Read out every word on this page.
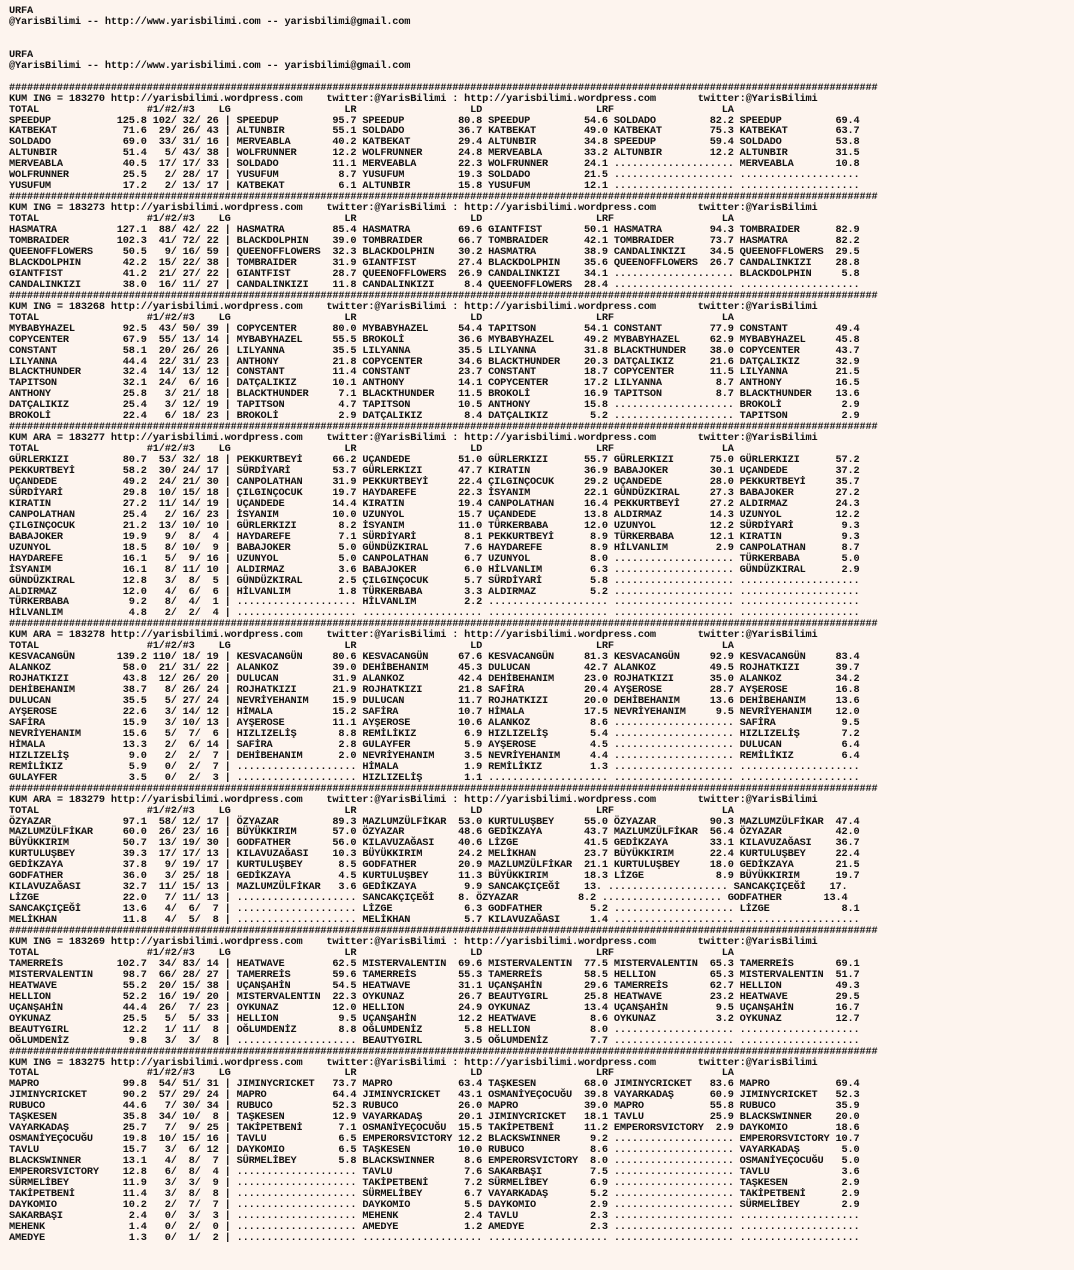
URFA
@YarisBilimi -- http://www.yarisbilimi.com -- yarisbilimi@gmail.com

URFA
@YarisBilimi -- http://www.yarisbilimi.com -- yarisbilimi@gmail.com

#################################################################################################################################################
KUM ING = 183270 http://yarisbilimi.wordpress.com    twitter:@YarisBilimi : http://yarisbilimi.wordpress.com       twitter:@YarisBilimi
TOTAL                  #1/#2/#3    LG                   LR                   LD                   LRF                  LA
SPEEDUP           125.8 102/ 32/ 26 | SPEEDUP         95.7 SPEEDUP         80.8 SPEEDUP         54.6 SOLDADO         82.2 SPEEDUP         69.4
KATBEKAT           71.6  29/ 26/ 43 | ALTUNBIR        55.1 SOLDADO         36.7 KATBEKAT        49.0 KATBEKAT        75.3 KATBEKAT        63.7
SOLDADO            69.0  33/ 31/ 16 | MERVEABLA       40.2 KATBEKAT        29.4 ALTUNBIR        34.8 SPEEDUP         59.4 SOLDADO         53.8
ALTUNBIR           51.4   5/ 43/ 38 | WOLFRUNNER      12.2 WOLFRUNNER      24.8 MERVEABLA       33.2 ALTUNBIR        12.2 ALTUNBIR        31.5
MERVEABLA          40.5  17/ 17/ 33 | SOLDADO         11.1 MERVEABLA       22.3 WOLFRUNNER      24.1 .................... MERVEABLA       10.8
WOLFRUNNER         25.5   2/ 28/ 17 | YUSUFUM          8.7 YUSUFUM         19.3 SOLDADO         21.5 .................... ....................
YUSUFUM            17.2   2/ 13/ 17 | KATBEKAT         6.1 ALTUNBIR        15.8 YUSUFUM         12.1 .................... ....................
#################################################################################################################################################
KUM ING = 183273 http://yarisbilimi.wordpress.com    twitter:@YarisBilimi : http://yarisbilimi.wordpress.com       twitter:@YarisBilimi
TOTAL                  #1/#2/#3    LG                   LR                   LD                   LRF                  LA
HASMATRA          127.1  88/ 42/ 22 | HASMATRA        85.4 HASMATRA        69.6 GIANTFIST       50.1 HASMATRA        94.3 TOMBRAIDER      82.9
TOMBRAIDER        102.3  41/ 72/ 22 | BLACKDOLPHIN    39.0 TOMBRAIDER      66.7 TOMBRAIDER      42.1 TOMBRAIDER      73.7 HASMATRA        82.2
QUEENOFFLOWERS     50.5   9/ 16/ 59 | QUEENOFFLOWERS  32.3 BLACKDOLPHIN    30.2 HASMATRA        38.9 CANDALINKIZI    34.5 QUEENOFFLOWERS  29.5
BLACKDOLPHIN       42.2  15/ 22/ 38 | TOMBRAIDER      31.9 GIANTFIST       27.4 BLACKDOLPHIN    35.6 QUEENOFFLOWERS  26.7 CANDALINKIZI    28.8
GIANTFIST          41.2  21/ 27/ 22 | GIANTFIST       28.7 QUEENOFFLOWERS  26.9 CANDALINKIZI    34.1 .................... BLACKDOLPHIN     5.8
CANDALINKIZI       38.0  16/ 11/ 27 | CANDALINKIZI    11.8 CANDALINKIZI     8.4 QUEENOFFLOWERS  28.4 .................... ....................
#################################################################################################################################################
KUM ING = 183268 http://yarisbilimi.wordpress.com    twitter:@YarisBilimi : http://yarisbilimi.wordpress.com       twitter:@YarisBilimi
TOTAL                  #1/#2/#3    LG                   LR                   LD                   LRF                  LA
MYBABYHAZEL        92.5  43/ 50/ 39 | COPYCENTER      80.0 MYBABYHAZEL     54.4 TAPITSON        54.1 CONSTANT        77.9 CONSTANT        49.4
COPYCENTER         67.9  55/ 13/ 14 | MYBABYHAZEL     55.5 BROKOLİ         36.6 MYBABYHAZEL     49.2 MYBABYHAZEL     62.9 MYBABYHAZEL     45.8
CONSTANT           58.1  20/ 26/ 26 | LILYANNA        35.5 LILYANNA        35.5 LILYANNA        31.8 BLACKTHUNDER    38.0 COPYCENTER      43.7
LILYANNA           44.4  22/ 31/ 23 | ANTHONY         21.8 COPYCENTER      34.6 BLACKTHUNDER    20.3 DATÇALIKIZ      21.6 DATÇALIKIZ      32.9
BLACKTHUNDER       32.4  14/ 13/ 12 | CONSTANT        11.4 CONSTANT        23.7 CONSTANT        18.7 COPYCENTER      11.5 LILYANNA        21.5
TAPITSON           32.1  24/  6/ 16 | DATÇALIKIZ      10.1 ANTHONY         14.1 COPYCENTER      17.2 LILYANNA         8.7 ANTHONY         16.5
ANTHONY            25.8   3/ 21/ 18 | BLACKTHUNDER     7.1 BLACKTHUNDER    11.5 BROKOLİ         16.9 TAPITSON         8.7 BLACKTHUNDER    13.6
DATÇALIKIZ         25.4   3/ 12/ 19 | TAPITSON         4.7 TAPITSON        10.5 ANTHONY         15.8 .................... BROKOLİ          2.9
BROKOLİ            22.4   6/ 18/ 23 | BROKOLİ          2.9 DATÇALIKIZ       8.4 DATÇALIKIZ       5.2 .................... TAPITSON         2.9
#################################################################################################################################################
KUM ARA = 183277 http://yarisbilimi.wordpress.com    twitter:@YarisBilimi : http://yarisbilimi.wordpress.com       twitter:@YarisBilimi
TOTAL                  #1/#2/#3    LG                   LR                   LD                   LRF                  LA
GÜRLERKIZI         80.7  53/ 32/ 18 | PEKKURTBEYİ     66.2 UÇANDEDE        51.0 GÜRLERKIZI      55.7 GÜRLERKIZI      75.0 GÜRLERKIZI      57.2
PEKKURTBEYİ        58.2  30/ 24/ 17 | SÜRDİYARİ       53.7 GÜRLERKIZI      47.7 KIRATIN         36.9 BABAJOKER       30.1 UÇANDEDE        37.2
UÇANDEDE           49.2  24/ 21/ 30 | CANPOLATHAN     31.9 PEKKURTBEYİ     22.4 ÇILGINÇOCUK     29.2 UÇANDEDE        28.0 PEKKURTBEYİ     35.7
SÜRDİYARİ          29.8  10/ 15/ 18 | ÇILGINÇOCUK     19.7 HAYDAREFE       22.3 İSYANIM         22.1 GÜNDÜZKIRAL     27.3 BABAJOKER       27.2
KIRATIN            27.2  11/ 14/ 19 | UÇANDEDE        14.4 KIRATIN         19.4 CANPOLATHAN     16.4 PEKKURTBEYİ     27.2 ALDIRMAZ        24.3
CANPOLATHAN        25.4   2/ 16/ 23 | İSYANIM         10.0 UZUNYOL         15.7 UÇANDEDE        13.8 ALDIRMAZ        14.3 UZUNYOL         12.2
ÇILGINÇOCUK        21.2  13/ 10/ 10 | GÜRLERKIZI       8.2 İSYANIM         11.0 TÜRKERBABA      12.0 UZUNYOL         12.2 SÜRDİYARİ        9.3
BABAJOKER          19.9   9/  8/  4 | HAYDAREFE        7.1 SÜRDİYARİ        8.1 PEKKURTBEYİ      8.9 TÜRKERBABA      12.1 KIRATIN          9.3
UZUNYOL            18.5   8/ 10/  9 | BABAJOKER        5.0 GÜNDÜZKIRAL      7.6 HAYDAREFE        8.9 HİLVANLIM        2.9 CANPOLATHAN      8.7
HAYDAREFE          16.1   5/  9/ 16 | UZUNYOL          5.0 CANPOLATHAN      6.7 UZUNYOL          8.0 .................... TÜRKERBABA       5.0
İSYANIM            16.1   8/ 11/ 10 | ALDIRMAZ         3.6 BABAJOKER        6.0 HİLVANLIM        6.3 .................... GÜNDÜZKIRAL      2.9
GÜNDÜZKIRAL        12.8   3/  8/  5 | GÜNDÜZKIRAL      2.5 ÇILGINÇOCUK      5.7 SÜRDİYARİ        5.8 .................... ....................
ALDIRMAZ           12.0   4/  6/  6 | HİLVANLIM        1.8 TÜRKERBABA       3.3 ALDIRMAZ         5.2 .................... ....................
TÜRKERBABA          9.2   8/  4/  1 | .................... HİLVANLIM        2.2 .................... .................... ....................
HİLVANLIM           4.8   2/  2/  4 | .................... .................... .................... .................... ....................
#################################################################################################################################################
KUM ARA = 183278 http://yarisbilimi.wordpress.com    twitter:@YarisBilimi : http://yarisbilimi.wordpress.com       twitter:@YarisBilimi
TOTAL                  #1/#2/#3    LG                   LR                   LD                   LRF                  LA
KESVACANGÜN       139.2 110/ 18/ 19 | KESVACANGÜN     80.6 KESVACANGÜN     67.6 KESVACANGÜN     81.3 KESVACANGÜN     92.9 KESVACANGÜN     83.4
ALANKOZ            58.0  21/ 31/ 22 | ALANKOZ         39.0 DEHİBEHANIM     45.3 DULUCAN         42.7 ALANKOZ         49.5 ROJHATKIZI      39.7
ROJHATKIZI         43.8  12/ 26/ 20 | DULUCAN         31.9 ALANKOZ         42.4 DEHİBEHANIM     23.0 ROJHATKIZI      35.0 ALANKOZ         34.2
DEHİBEHANIM        38.7   8/ 26/ 24 | ROJHATKIZI      21.9 ROJHATKIZI      21.8 SAFİRA          20.4 AYŞEROSE        28.7 AYŞEROSE        16.8
DULUCAN            35.5   5/ 27/ 24 | NEVRİYEHANIM    15.9 DULUCAN         11.7 ROJHATKIZI      20.0 DEHİBEHANIM     13.6 DEHİBEHANIM     13.6
AYŞEROSE           22.6   3/ 14/ 12 | HİMALA          15.2 SAFİRA          10.7 HİMALA          17.5 NEVRİYEHANIM     9.5 NEVRİYEHANIM    12.0
SAFİRA             15.9   3/ 10/ 13 | AYŞEROSE        11.1 AYŞEROSE        10.6 ALANKOZ          8.6 .................... SAFİRA           9.5
NEVRİYEHANIM       15.6   5/  7/  6 | HIZLIZELİŞ       8.8 REMİLİKIZ        6.9 HIZLIZELİŞ       5.4 .................... HIZLIZELİŞ       7.2
HİMALA             13.3   2/  6/ 14 | SAFİRA           2.8 GULAYFER         5.9 AYŞEROSE         4.5 .................... DULUCAN          6.4
HIZLIZELİŞ          9.0   2/  2/  7 | DEHİBEHANIM      2.0 NEVRİYEHANIM     3.5 NEVRİYEHANIM     4.4 .................... REMİLİKIZ        6.4
REMİLİKIZ           5.9   0/  2/  7 | .................... HİMALA           1.9 REMİLİKIZ        1.3 .................... ....................
GULAYFER            3.5   0/  2/  3 | .................... HIZLIZELİŞ       1.1 .................... .................... ....................
#################################################################################################################################################
KUM ARA = 183279 http://yarisbilimi.wordpress.com    twitter:@YarisBilimi : http://yarisbilimi.wordpress.com       twitter:@YarisBilimi
TOTAL                  #1/#2/#3    LG                   LR                   LD                   LRF                  LA
ÖZYAZAR            97.1  58/ 12/ 17 | ÖZYAZAR         89.3 MAZLUMZÜLFİKAR  53.0 KURTULUŞBEY     55.0 ÖZYAZAR         90.3 MAZLUMZÜLFİKAR  47.4
MAZLUMZÜLFİKAR     60.0  26/ 23/ 16 | BÜYÜKKIRIM      57.0 ÖZYAZAR         48.6 GEDİKZAYA       43.7 MAZLUMZÜLFİKAR  56.4 ÖZYAZAR         42.0
BÜYÜKKIRIM         50.7  13/ 19/ 30 | GODFATHER       56.0 KILAVUZAĞASI    40.6 LİZGE           41.5 GEDİKZAYA       33.1 KILAVUZAĞASI    36.7
KURTULUŞBEY        39.3  17/ 17/ 13 | KILAVUZAĞASI    10.3 BÜYÜKKIRIM      24.2 MELİKHAN        23.7 BÜYÜKKIRIM      22.4 KURTULUŞBEY     22.4
GEDİKZAYA          37.8   9/ 19/ 17 | KURTULUŞBEY      8.5 GODFATHER       20.9 MAZLUMZÜLFİKAR  21.1 KURTULUŞBEY     18.0 GEDİKZAYA       21.5
GODFATHER          36.0   3/ 25/ 18 | GEDİKZAYA        4.5 KURTULUŞBEY     11.3 BÜYÜKKIRIM      18.3 LİZGE            8.9 BÜYÜKKIRIM      19.7
KILAVUZAĞASI       32.7  11/ 15/ 13 | MAZLUMZÜLFİKAR   3.6 GEDİKZAYA        9.9 SANCAKÇIÇEĞİ    13. .................... SANCAKÇIÇEĞİ    17.
LİZGE              22.0   7/ 11/ 13 | .................... SANCAKÇIÇEĞİ    8. ÖZYAZAR          8.2 .................... GODFATHER       13.4
SANCAKÇIÇEĞİ       13.6   4/  6/  7 | .................... LİZGE            6.3 GODFATHER        5.2 .................... LİZGE            8.1
MELİKHAN           11.8   4/  5/  8 | .................... MELİKHAN         5.7 KILAVUZAĞASI     1.4 .................... ....................
#################################################################################################################################################
KUM ING = 183269 http://yarisbilimi.wordpress.com    twitter:@YarisBilimi : http://yarisbilimi.wordpress.com       twitter:@YarisBilimi
TOTAL                  #1/#2/#3    LG                   LR                   LD                   LRF                  LA
TAMERREİS         102.7  34/ 83/ 14 | HEATWAVE        62.5 MISTERVALENTIN  69.6 MISTERVALENTIN  77.5 MISTERVALENTIN  65.3 TAMERREİS       69.1
MISTERVALENTIN     98.7  66/ 28/ 27 | TAMERREİS       59.6 TAMERREİS       55.3 TAMERREİS       58.5 HELLION         65.3 MISTERVALENTIN  51.7
HEATWAVE           55.2  20/ 15/ 38 | UÇANŞAHİN       54.5 HEATWAVE        31.1 UÇANŞAHİN       29.6 TAMERREİS       62.7 HELLION         49.3
HELLION            52.2  16/ 19/ 20 | MISTERVALENTIN  22.3 OYKUNAZ         26.7 BEAUTYGIRL      25.8 HEATWAVE        23.2 HEATWAVE        29.5
UÇANŞAHİN          44.4  26/  7/ 23 | OYKUNAZ         12.0 HELLION         24.9 OYKUNAZ         13.4 UÇANŞAHİN        9.5 UÇANŞAHİN       16.7
OYKUNAZ            25.5   5/  5/ 33 | HELLION          9.5 UÇANŞAHİN       12.2 HEATWAVE         8.6 OYKUNAZ          3.2 OYKUNAZ         12.7
BEAUTYGIRL         12.2   1/ 11/  8 | OĞLUMDENİZ       8.8 OĞLUMDENİZ       5.8 HELLION          8.0 .................... ....................
OĞLUMDENİZ          9.8   3/  3/  8 | .................... BEAUTYGIRL       3.5 OĞLUMDENİZ       7.7 .................... ....................
#################################################################################################################################################
KUM ING = 183275 http://yarisbilimi.wordpress.com    twitter:@YarisBilimi : http://yarisbilimi.wordpress.com       twitter:@YarisBilimi
TOTAL                  #1/#2/#3    LG                   LR                   LD                   LRF                  LA
MAPRO              99.8  54/ 51/ 31 | JIMINYCRICKET   73.7 MAPRO           63.4 TAŞKESEN        68.0 JIMINYCRICKET   83.6 MAPRO           69.4
JIMINYCRICKET      90.2  57/ 29/ 24 | MAPRO           64.4 JIMINYCRICKET   43.1 OSMANİYEÇOCUĞU  39.8 VAYARKADAŞ      60.9 JIMINYCRICKET   52.3
RUBUCO             44.6   7/ 30/ 34 | RUBUCO          52.3 RUBUCO          26.0 MAPRO           39.0 MAPRO           55.8 RUBUCO          35.9
TAŞKESEN           35.8  34/ 10/  8 | TAŞKESEN        12.9 VAYARKADAŞ      20.1 JIMINYCRICKET   18.1 TAVLU           25.9 BLACKSWINNER    20.0
VAYARKADAŞ         25.7   7/  9/ 25 | TAKİPETBENİ      7.1 OSMANİYEÇOCUĞU  15.5 TAKİPETBENİ     11.2 EMPERORSVICTORY  2.9 DAYKOMIO        18.6
OSMANİYEÇOCUĞU     19.8  10/ 15/ 16 | TAVLU            6.5 EMPERORSVICTORY 12.2 BLACKSWINNER     9.2 .................... EMPERORSVICTORY 10.7
TAVLU              15.7   3/  6/ 12 | DAYKOMIO         6.5 TAŞKESEN        10.0 RUBUCO           8.6 .................... VAYARKADAŞ       5.0
BLACKSWINNER       13.1   4/  8/  7 | SÜRMELİBEY       5.8 BLACKSWINNER     8.6 EMPERORSVICTORY  8.0 .................... OSMANİYEÇOCUĞU   5.0
EMPERORSVICTORY    12.8   6/  8/  4 | .................... TAVLU            7.6 SAKARBAŞI        7.5 .................... TAVLU            3.6
SÜRMELİBEY         11.9   3/  3/  9 | .................... TAKİPETBENİ      7.2 SÜRMELİBEY       6.9 .................... TAŞKESEN         2.9
TAKİPETBENİ        11.4   3/  8/  8 | .................... SÜRMELİBEY       6.7 VAYARKADAŞ       5.2 .................... TAKİPETBENİ      2.9
DAYKOMIO           10.2   2/  7/  7 | .................... DAYKOMIO         5.5 DAYKOMIO         2.9 .................... SÜRMELİBEY       2.9
SAKARBAŞI           2.4   0/  3/  3 | .................... MEHENK           2.4 TAVLU            2.3 .................... ....................
MEHENK              1.4   0/  2/  0 | .................... AMEDYE           1.2 AMEDYE           2.3 .................... ....................
AMEDYE              1.3   0/  1/  2 | .................... .................... .................... .................... ....................
